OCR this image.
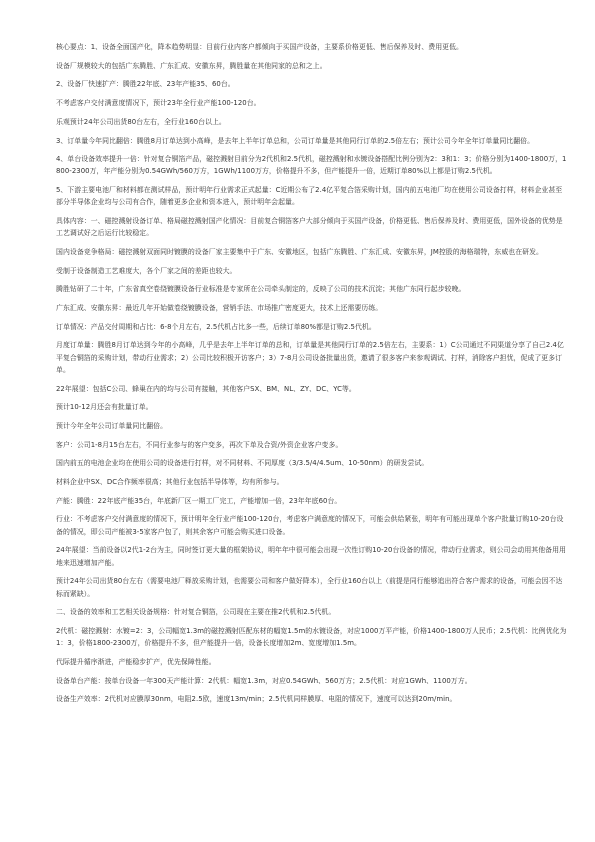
核心要点：1、设备全面国产化，降本趋势明显：目前行业内客户都倾向于买国产设备，主要系价格更低、售后保养及时、费用更低。

设备厂规模较大的包括广东腾胜、广东汇成、安徽东昇，腾胜量在其他同家的总和之上。

2、设备厂快速扩产：腾胜22年底、23年产能35、60台。

不考虑客户交付满意度情况下，预计23年全行业产能100-120台。

乐观预计24年公司出货80台左右，全行业160台以上。

3、订单量今年同比翻倍：腾胜8月订单达到小高峰，是去年上半年订单总和，公司订单量是其他同行订单的2.5倍左右；预计公司今年全年订单量同比翻倍。

4、单台设备效率提升一倍：针对复合铜箔产品，磁控溅射目前分为2代机和2.5代机，磁控溅射和水镀设备搭配比例分别为2：3和1：3；价格分别为1400-1800万，1800-2300万，年产能分别为0.54GWh/560万方，1GWh/1100万方，价格提升不多，但产能提升一倍，近期订单80%以上都是订购2.5代机。

5、下游主要电池厂和材料都在测试样品，预计明年行业需求正式起量：C近期公布了2.4亿平复合箔采购计划，国内前五电池厂均在使用公司设备打样，材料企业甚至部分半导体企业均与公司有合作，随着更多企业和资本进入，预计明年会起量。

具体内容：一、磁控溅射设备订单、格局磁控溅射国产化情况：目前复合铜箔客户大部分倾向于买国产设备，价格更低、售后保养及时、费用更低，国外设备的优势是工艺调试好之后运行比较稳定。

国内设备竞争格局：磁控溅射双面同时镀膜的设备厂家主要集中于广东、安徽地区，包括广东腾胜、广东汇成、安徽东昇，JM控股的海格瑞特，东威也在研发。

受制于设备制造工艺难度大，各个厂家之间的差距也较大。

腾胜钻研了二十年，广东省真空卷绕镀膜设备行业标准是专家所在公司牵头制定的，反映了公司的技术沉淀；其他广东同行起步较晚。

广东汇成、安徽东昇：最近几年开始做卷绕镀膜设备，营销手法、市场推广密度更大，技术上还需要历练。

订单情况：产品交付周期和占比：6-8个月左右，2.5代机占比多一些，后续订单80%都是订购2.5代机。

月度订单量：腾胜8月订单达到今年的小高峰，几乎是去年上半年订单的总和，订单量是其他同行订单的2.5倍左右，主要系：1）C公司通过不同渠道分享了自己2.4亿平复合铜箔的采购计划，带动行业需求；2）公司比较积极开访客户；3）7-8月公司设备批量出货，邀请了很多客户来参观调试、打样，消除客户担忧，促成了更多订单。

22年展望：包括C公司、蜂巢在内的均与公司有接触，其他客户SX、BM、NL、ZY、DC、YC等。

预计10-12月还会有批量订单。

预计今年全年公司订单量同比翻倍。

客户：公司1-8月15台左右，不同行业参与的客户变多，再次下单及合资/外资企业客户变多。

国内前五的电池企业均在使用公司的设备进行打样，对不同材料、不同厚度（3/3.5/4/4.5um、10-50nm）的研发尝试。

材料企业中SX、DC合作频率很高；其他行业包括半导体等，均有所参与。

产能：腾胜：22年底产能35台，年底新厂区一期工厂完工，产能增加一倍，23年年底60台。

行业：不考虑客户交付满意度的情况下，预计明年全行业产能100-120台，考虑客户满意度的情况下，可能会供给紧张，明年有可能出现单个客户批量订购10-20台设备的情况，即公司产能被3-5家客户包了，则其余客户可能会购买进口设备。

24年展望：当前设备以2代1-2台为主，同时签订更大量的框架协议，明年年中很可能会出现一次性订购10-20台设备的情况，带动行业需求，则公司会动用其他备用用地来迅速增加产能。

预计24年公司出货80台左右（需要电池厂释放采购计划，也需要公司和客户做好降本），全行业160台以上（前提是同行能够追出符合客户需求的设备，可能会因不达标而紧缺）。

二、设备的效率和工艺相关设备规格：针对复合铜箔，公司现在主要在推2代机和2.5代机。

2代机：磁控溅射：水镀=2：3，公司幅宽1.3m的磁控溅射匹配东材的幅宽1.5m的水镀设备，对应1000万平产能，价格1400-1800万人民币；2.5代机：比例优化为1：3，价格1800-2300万，价格提升不多，但产能提升一倍，设备长度增加2m、宽度增加1.5m。

代际提升循序渐进，产能稳步扩产，优先保障性能。

设备单台产能：按单台设备一年300天产能计算：2代机：幅宽1.3m，对应0.54GWh、560万方；2.5代机：对应1GWh、1100万方。

设备生产效率：2代机对应膜厚30nm，电阻2.5欧，速度13m/min；2.5代机同样膜厚、电阻的情况下，速度可以达到20m/min。
